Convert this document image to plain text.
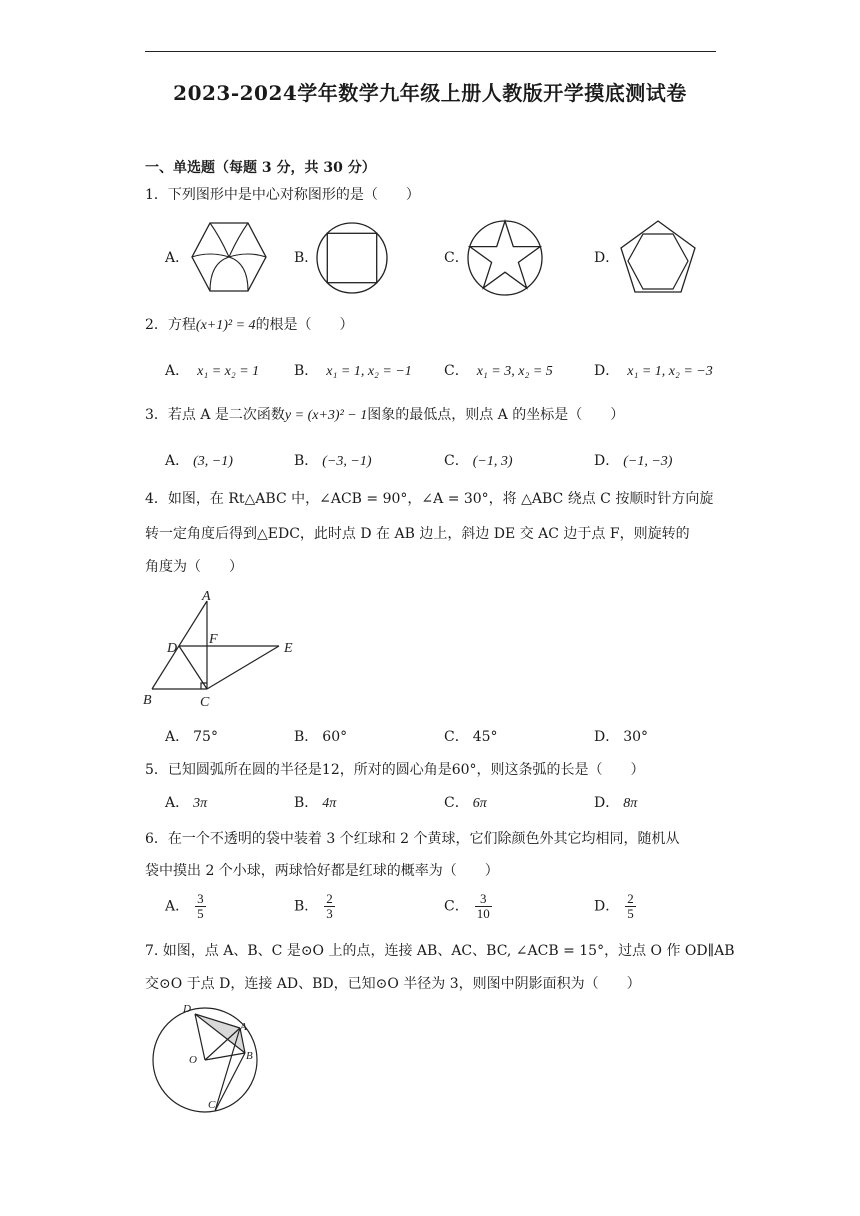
2023-2024学年数学九年级上册人教版开学摸底测试卷
一、单选题（每题 3 分，共 30 分）
1．下列图形中是中心对称图形的是（　　）
A．	B．	C．	D．
2．方程(x+1)² = 4的根是（　　）
A． x₁ = x₂ = 1 B． x₁ = 1, x₂ = −1 C． x₁ = 3, x₂ = 5	D． x₁ = 1, x₂ = −3
3．若点 A 是二次函数y = (x+3)² − 1图象的最低点，则点 A 的坐标是（　　）
A． (3, −1)	B． (−3, −1)	C． (−1, 3)	D． (−1, −3)
4．如图，在 Rt△ABC 中，∠ACB = 90°，∠A = 30°，将 △ABC 绕点 C 按顺时针方向旋
转一定角度后得到△EDC，此时点 D 在 AB 边上，斜边 DE 交 AC 边于点 F，则旋转的
角度为（　　）
A
B	C
D	E
F
A． 75°	B． 60°	C． 45°	D． 30°
5．已知圆弧所在圆的半径是12，所对的圆心角是60°，则这条弧的长是（　　）
A． 3π	B． 4π	C． 6π	D． 8π
6．在一个不透明的袋中装着 3 个红球和 2 个黄球，它们除颜色外其它均相同，随机从
袋中摸出 2 个小球，两球恰好都是红球的概率为（　　）
A． $\frac{3}{5}$	B． $\frac{2}{3}$	C． $\frac{3}{10}$	D． $\frac{2}{5}$
7. 如图，点 A、B、C 是⊙O 上的点，连接 AB、AC、BC, ∠ACB = 15°，过点 O 作 OD∥AB
交⊙O 于点 D，连接 AD、BD，已知⊙O 半径为 3，则图中阴影面积为（　　）
D
A
O	B
C
